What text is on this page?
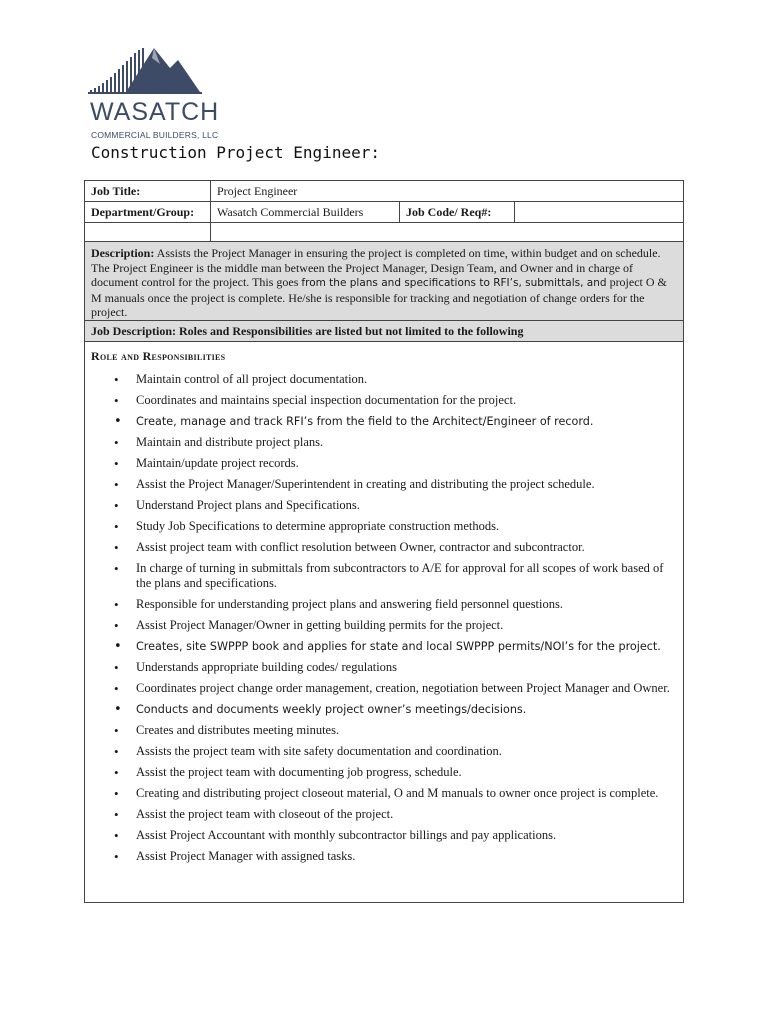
WASATCH
COMMERCIAL BUILDERS, LLC
Construction Project Engineer:
Job Title:	Project Engineer
Department/Group:	Wasatch Commercial Builders	Job Code/ Req#:
Description: Assists the Project Manager in ensuring the project is completed on time, within budget and on schedule. The Project Engineer is the middle man between the Project Manager, Design Team, and Owner and in charge of document control for the project. This goes from the plans and specifications to RFI’s, submittals, and project O & M manuals once the project is complete. He/she is responsible for tracking and negotiation of change orders for the project.
Job Description: Roles and Responsibilities are listed but not limited to the following
Role and Responsibilities
• Maintain control of all project documentation.
• Coordinates and maintains special inspection documentation for the project.
• Create, manage and track RFI’s from the field to the Architect/Engineer of record.
• Maintain and distribute project plans.
• Maintain/update project records.
• Assist the Project Manager/Superintendent in creating and distributing the project schedule.
• Understand Project plans and Specifications.
• Study Job Specifications to determine appropriate construction methods.
• Assist project team with conflict resolution between Owner, contractor and subcontractor.
• In charge of turning in submittals from subcontractors to A/E for approval for all scopes of work based of the plans and specifications.
• Responsible for understanding project plans and answering field personnel questions.
• Assist Project Manager/Owner in getting building permits for the project.
• Creates, site SWPPP book and applies for state and local SWPPP permits/NOI’s for the project.
• Understands appropriate building codes/ regulations
• Coordinates project change order management, creation, negotiation between Project Manager and Owner.
• Conducts and documents weekly project owner’s meetings/decisions.
• Creates and distributes meeting minutes.
• Assists the project team with site safety documentation and coordination.
• Assist the project team with documenting job progress, schedule.
• Creating and distributing project closeout material, O and M manuals to owner once project is complete.
• Assist the project team with closeout of the project.
• Assist Project Accountant with monthly subcontractor billings and pay applications.
• Assist Project Manager with assigned tasks.
